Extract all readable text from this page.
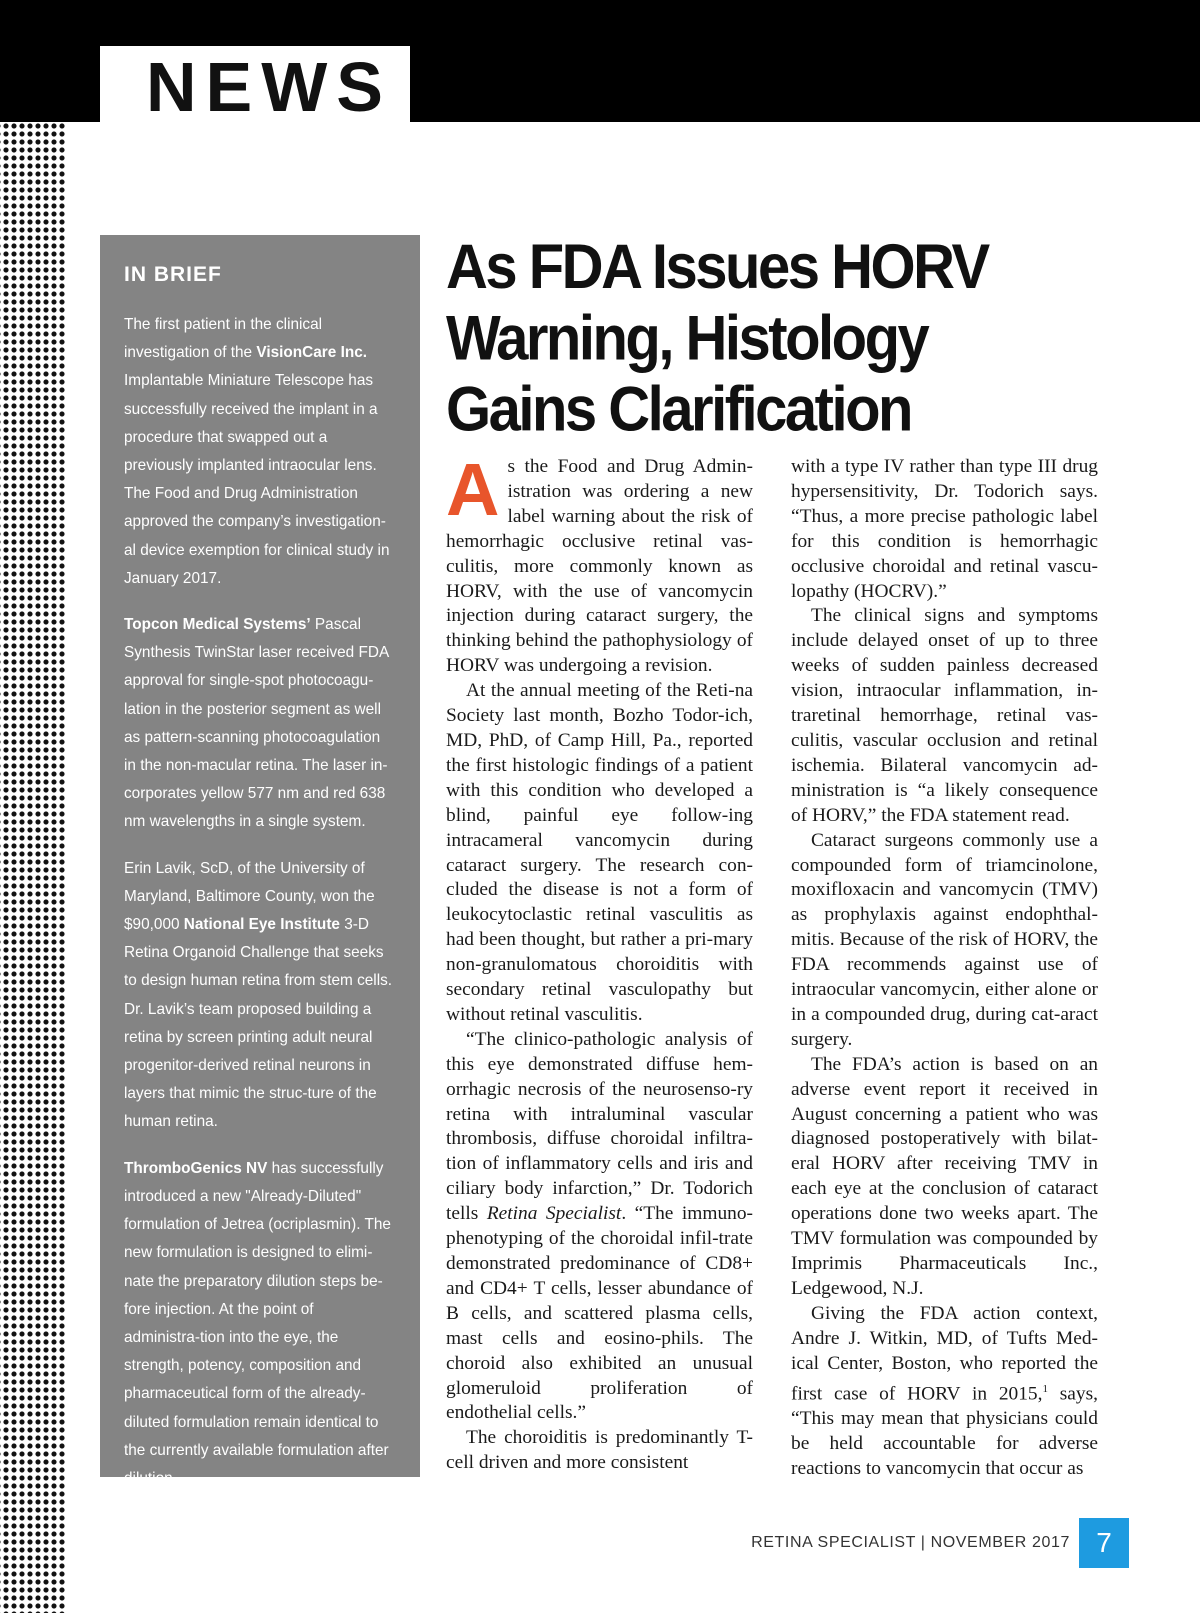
NEWS
IN BRIEF

The first patient in the clinical investigation of the VisionCare Inc. Implantable Miniature Telescope has successfully received the implant in a procedure that swapped out a previously implanted intraocular lens. The Food and Drug Administration approved the company’s investigation-al device exemption for clinical study in January 2017.

Topcon Medical Systems’ Pascal Synthesis TwinStar laser received FDA approval for single-spot photocoagu-lation in the posterior segment as well as pattern-scanning photocoagulation in the non-macular retina. The laser in-corporates yellow 577 nm and red 638 nm wavelengths in a single system.

Erin Lavik, ScD, of the University of Maryland, Baltimore County, won the $90,000 National Eye Institute 3-D Retina Organoid Challenge that seeks to design human retina from stem cells. Dr. Lavik’s team proposed building a retina by screen printing adult neural progenitor-derived retinal neurons in layers that mimic the struc-ture of the human retina.

ThromboGenics NV has successfully introduced a new "Already-Diluted" formulation of Jetrea (ocriplasmin). The new formulation is designed to elimi-nate the preparatory dilution steps be-fore injection. At the point of administra-tion into the eye, the strength, potency, composition and pharmaceutical form of the already-diluted formulation remain identical to the currently available formulation after dilution.

As FDA Issues HORV Warning, Histology Gains Clarification

As the Food and Drug Admin-istration was ordering a new label warning about the risk of hemorrhagic occlusive retinal vas-culitis, more commonly known as HORV, with the use of vancomycin injection during cataract surgery, the thinking behind the pathophysiology of HORV was undergoing a revision.

At the annual meeting of the Reti-na Society last month, Bozho Todor-ich, MD, PhD, of Camp Hill, Pa., reported the first histologic findings of a patient with this condition who developed a blind, painful eye follow-ing intracameral vancomycin during cataract surgery. The research con-cluded the disease is not a form of leukocytoclastic retinal vasculitis as had been thought, but rather a pri-mary non-granulomatous choroiditis with secondary retinal vasculopathy but without retinal vasculitis.

“The clinico-pathologic analysis of this eye demonstrated diffuse hem-orrhagic necrosis of the neurosenso-ry retina with intraluminal vascular thrombosis, diffuse choroidal infiltra-tion of inflammatory cells and iris and ciliary body infarction,” Dr. Todorich tells Retina Specialist. “The immuno-phenotyping of the choroidal infil-trate demonstrated predominance of CD8+ and CD4+ T cells, lesser abundance of B cells, and scattered plasma cells, mast cells and eosino-phils. The choroid also exhibited an unusual glomeruloid proliferation of endothelial cells.”

The choroiditis is predominantly T-cell driven and more consistent

with a type IV rather than type III drug hypersensitivity, Dr. Todorich says. “Thus, a more precise pathologic label for this condition is hemorrhagic occlusive choroidal and retinal vascu-lopathy (HOCRV).”

The clinical signs and symptoms include delayed onset of up to three weeks of sudden painless decreased vision, intraocular inflammation, in-traretinal hemorrhage, retinal vas-culitis, vascular occlusion and retinal ischemia. Bilateral vancomycin ad-ministration is “a likely consequence of HORV,” the FDA statement read.

Cataract surgeons commonly use a compounded form of triamcinolone, moxifloxacin and vancomycin (TMV) as prophylaxis against endophthal-mitis. Because of the risk of HORV, the FDA recommends against use of intraocular vancomycin, either alone or in a compounded drug, during cat-aract surgery.

The FDA’s action is based on an adverse event report it received in August concerning a patient who was diagnosed postoperatively with bilat-eral HORV after receiving TMV in each eye at the conclusion of cataract operations done two weeks apart. The TMV formulation was compounded by Imprimis Pharmaceuticals Inc., Ledgewood, N.J.

Giving the FDA action context, Andre J. Witkin, MD, of Tufts Med-ical Center, Boston, who reported the first case of HORV in 2015,$^1$ says, “This may mean that physicians could be held accountable for adverse reactions to vancomycin that occur as

RETINA SPECIALIST | NOVEMBER 2017 7
